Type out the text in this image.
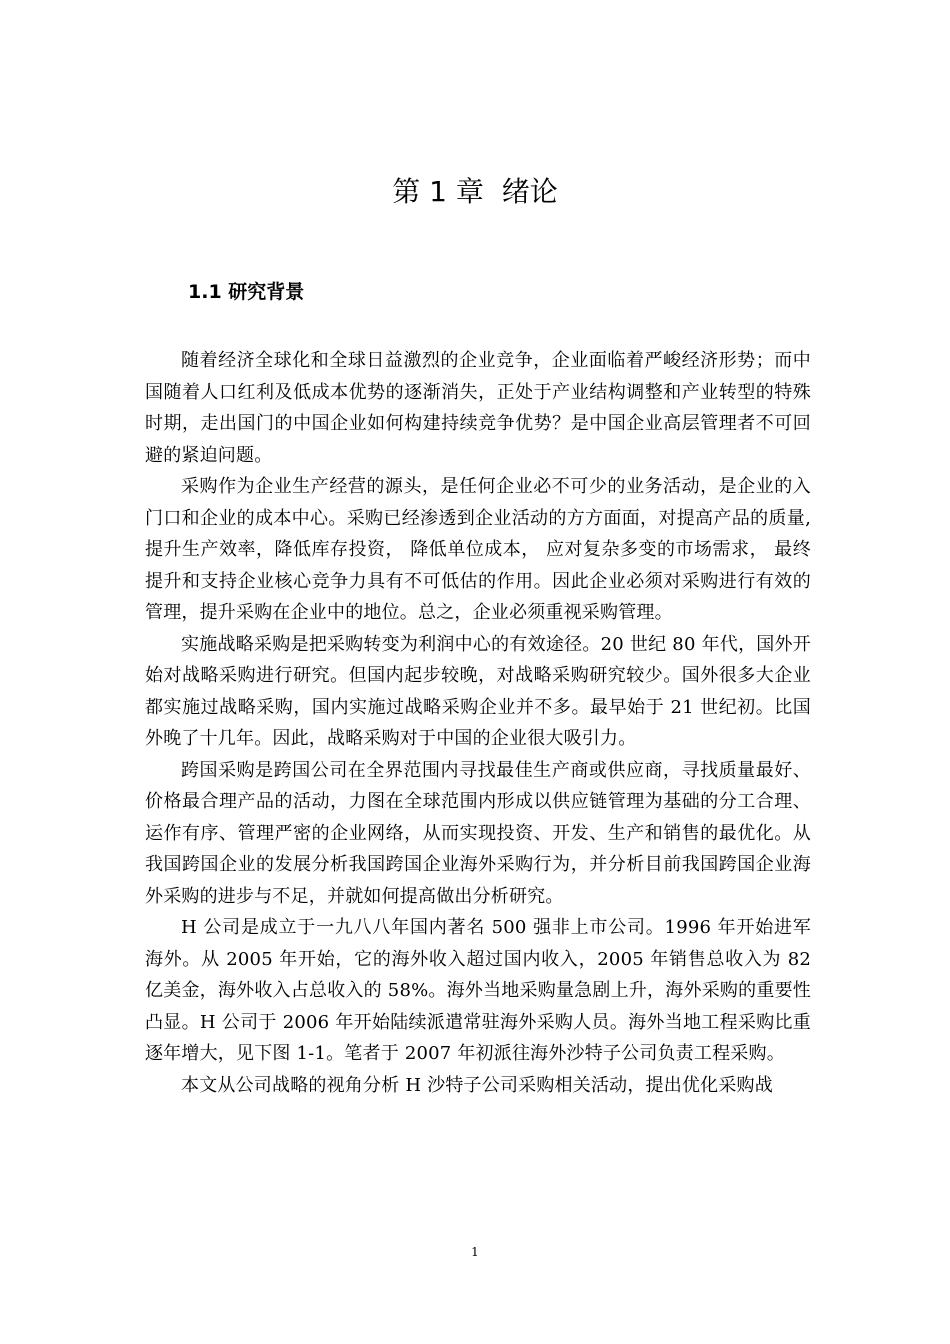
第 1 章  绪论
1.1 研究背景

随着经济全球化和全球日益激烈的企业竞争，企业面临着严峻经济形势；而中国随着人口红利及低成本优势的逐渐消失，正处于产业结构调整和产业转型的特殊时期，走出国门的中国企业如何构建持续竞争优势？是中国企业高层管理者不可回避的紧迫问题。

采购作为企业生产经营的源头，是任何企业必不可少的业务活动，是企业的入门口和企业的成本中心。采购已经渗透到企业活动的方方面面，对提高产品的质量, 提升生产效率，降低库存投资， 降低单位成本， 应对复杂多变的市场需求， 最终提升和支持企业核心竞争力具有不可低估的作用。因此企业必须对采购进行有效的管理，提升采购在企业中的地位。总之，企业必须重视采购管理。

实施战略采购是把采购转变为利润中心的有效途径。20 世纪 80 年代，国外开始对战略采购进行研究。但国内起步较晚，对战略采购研究较少。国外很多大企业都实施过战略采购，国内实施过战略采购企业并不多。最早始于 21 世纪初。比国外晚了十几年。因此，战略采购对于中国的企业很大吸引力。

跨国采购是跨国公司在全界范围内寻找最佳生产商或供应商，寻找质量最好、价格最合理产品的活动，力图在全球范围内形成以供应链管理为基础的分工合理、运作有序、管理严密的企业网络，从而实现投资、开发、生产和销售的最优化。从我国跨国企业的发展分析我国跨国企业海外采购行为，并分析目前我国跨国企业海外采购的进步与不足，并就如何提高做出分析研究。

H 公司是成立于一九八八年国内著名 500 强非上市公司。1996 年开始进军海外。从 2005 年开始，它的海外收入超过国内收入，2005 年销售总收入为 82 亿美金，海外收入占总收入的 58%。海外当地采购量急剧上升，海外采购的重要性凸显。H 公司于 2006 年开始陆续派遣常驻海外采购人员。海外当地工程采购比重逐年增大，见下图 1-1。笔者于 2007 年初派往海外沙特子公司负责工程采购。

本文从公司战略的视角分析 H 沙特子公司采购相关活动，提出优化采购战

1
